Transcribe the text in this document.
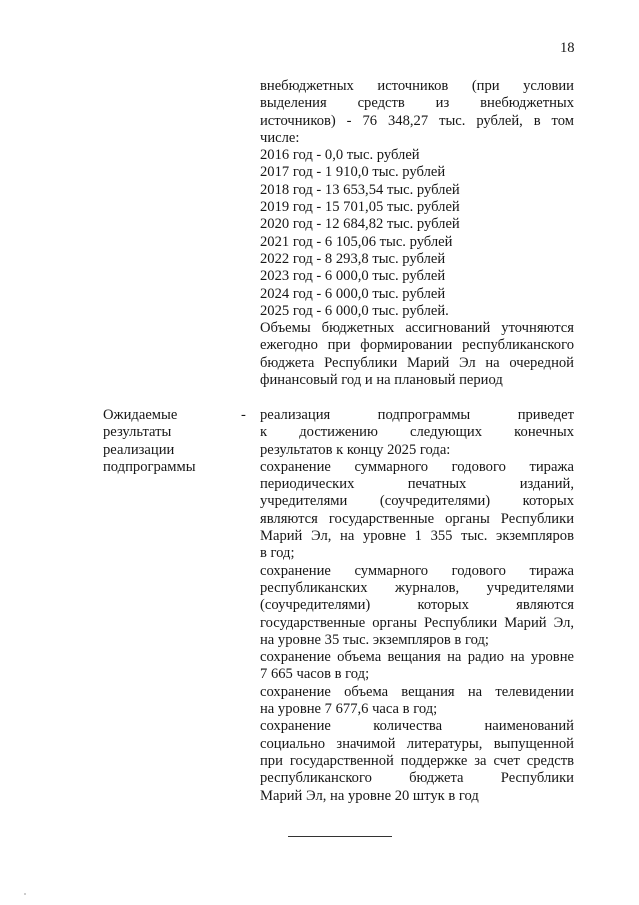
18
внебюджетных источников (при условии
выделения средств из внебюджетных
источников) - 76 348,27 тыс. рублей, в том
числе:
2016 год - 0,0 тыс. рублей
2017 год - 1 910,0 тыс. рублей
2018 год - 13 653,54 тыс. рублей
2019 год - 15 701,05 тыс. рублей
2020 год - 12 684,82 тыс. рублей
2021 год - 6 105,06 тыс. рублей
2022 год - 8 293,8 тыс. рублей
2023 год - 6 000,0 тыс. рублей
2024 год - 6 000,0 тыс. рублей
2025 год - 6 000,0 тыс. рублей.
Объемы бюджетных ассигнований уточняются
ежегодно при формировании республиканского
бюджета Республики Марий Эл на очередной
финансовый год и на плановый период
Ожидаемые
результаты
реализации
подпрограммы
- реализация подпрограммы приведет
к достижению следующих конечных
результатов к концу 2025 года:
сохранение суммарного годового тиража
периодических печатных изданий,
учредителями (соучредителями) которых
являются государственные органы Республики
Марий Эл, на уровне 1 355 тыс. экземпляров
в год;
сохранение суммарного годового тиража
республиканских журналов, учредителями
(соучредителями) которых являются
государственные органы Республики Марий Эл,
на уровне 35 тыс. экземпляров в год;
сохранение объема вещания на радио на уровне
7 665 часов в год;
сохранение объема вещания на телевидении
на уровне 7 677,6 часа в год;
сохранение количества наименований
социально значимой литературы, выпущенной
при государственной поддержке за счет средств
республиканского бюджета Республики
Марий Эл, на уровне 20 штук в год
